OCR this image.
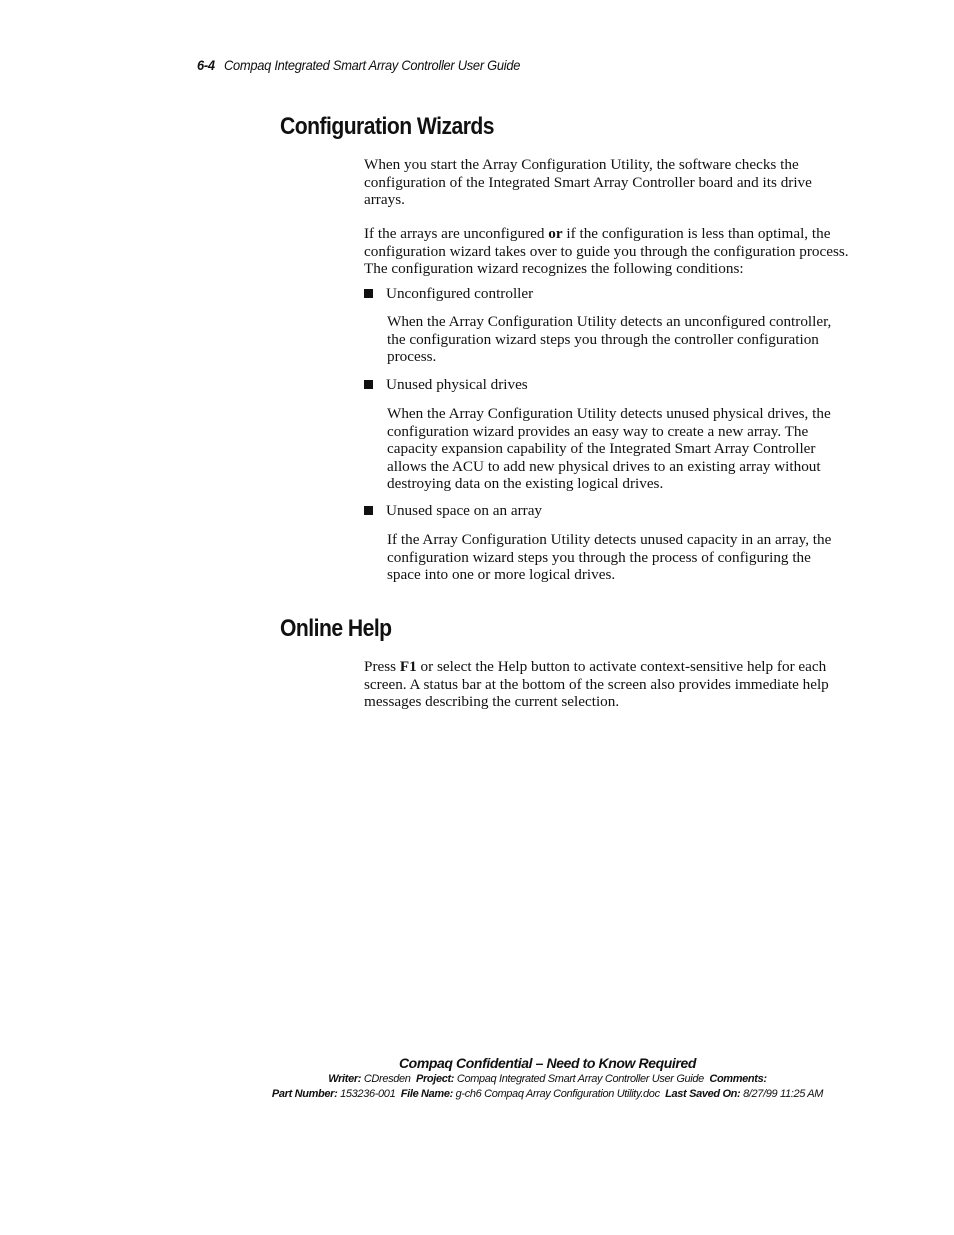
6-4 Compaq Integrated Smart Array Controller User Guide
Configuration Wizards

When you start the Array Configuration Utility, the software checks the configuration of the Integrated Smart Array Controller board and its drive arrays.

If the arrays are unconfigured or if the configuration is less than optimal, the configuration wizard takes over to guide you through the configuration process. The configuration wizard recognizes the following conditions:

Unconfigured controller

When the Array Configuration Utility detects an unconfigured controller, the configuration wizard steps you through the controller configuration process.

Unused physical drives

When the Array Configuration Utility detects unused physical drives, the configuration wizard provides an easy way to create a new array. The capacity expansion capability of the Integrated Smart Array Controller allows the ACU to add new physical drives to an existing array without destroying data on the existing logical drives.

Unused space on an array

If the Array Configuration Utility detects unused capacity in an array, the configuration wizard steps you through the process of configuring the space into one or more logical drives.

Online Help

Press F1 or select the Help button to activate context-sensitive help for each screen. A status bar at the bottom of the screen also provides immediate help messages describing the current selection.

Compaq Confidential – Need to Know Required
Writer: CDresden Project: Compaq Integrated Smart Array Controller User Guide Comments:
Part Number: 153236-001 File Name: g-ch6 Compaq Array Configuration Utility.doc Last Saved On: 8/27/99 11:25 AM
